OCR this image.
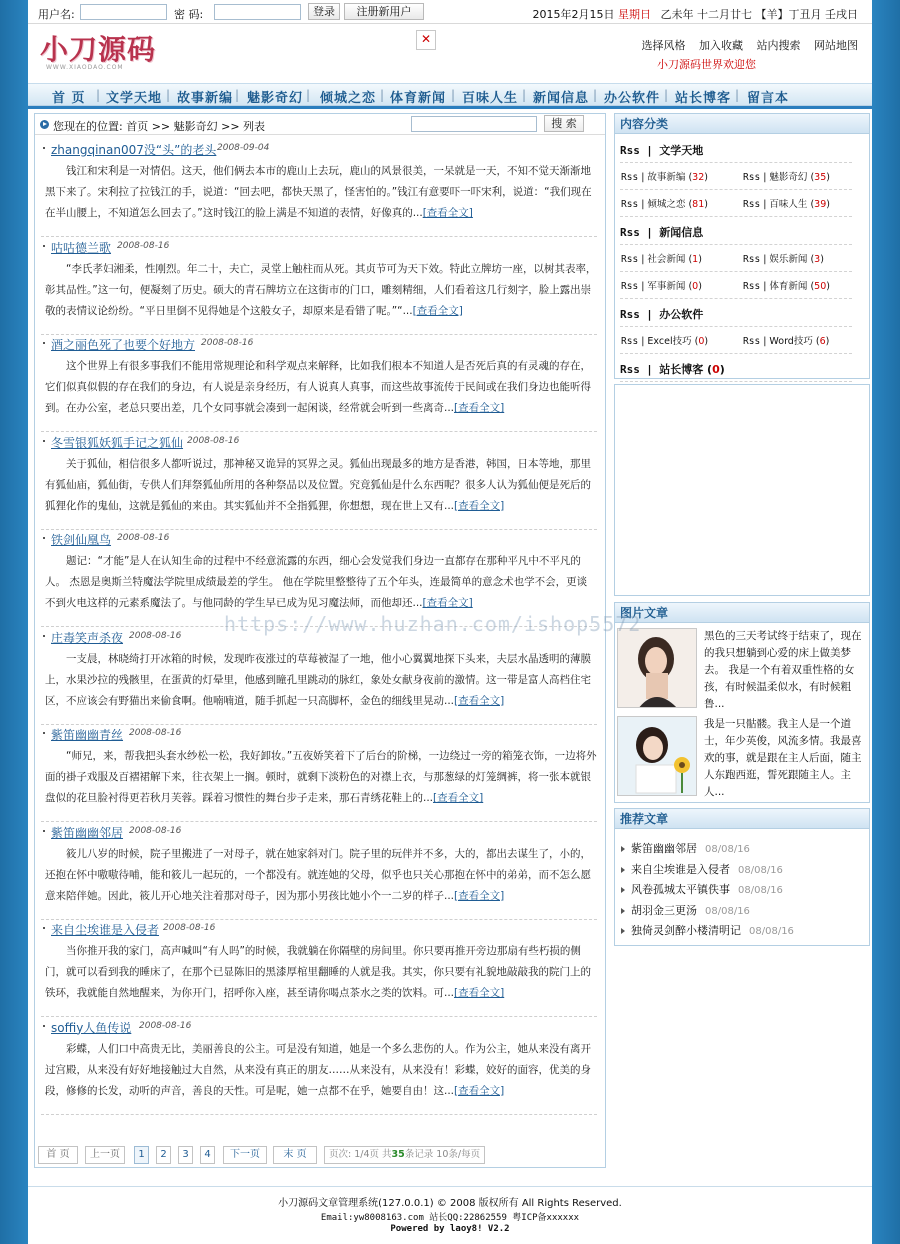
用户名:	密 码:	登录	注册新用户	2015年2月15日 星期日 乙未年 十二月廿七 【羊】丁丑月 壬戌日
小刀源码
WWW.XIAODAO.COM
✕	选择风格 加入收藏 站内搜索 网站地图
小刀源码世界欢迎您
首 页 | 文学天地 | 故事新编 | 魅影奇幻 | 倾城之恋 | 体育新闻 | 百味人生 | 新闻信息 | 办公软件 | 站长博客 | 留言本
您现在的位置: 首页 >> 魅影奇幻 >> 列表	搜 索
zhangqinan007没“头”的老头 2008-09-04
钱江和宋利是一对情侣。这天，他们俩去本市的鹿山上去玩，鹿山的风景很美，一呆就是一天，不知不觉天渐渐地黑下来了。宋利拉了拉钱江的手，说道：“回去吧，都快天黑了，怪害怕的。”钱江有意要吓一吓宋利，说道：“我们现在在半山腰上，不知道怎么回去了。”这时钱江的脸上满是不知道的表情，好像真的...[查看全文]
咕咕德兰歌 2008-08-16
“李氏孝妇湘柔，性刚烈。年二十，夫亡，灵堂上触柱而从死。其贞节可为天下效。特此立牌坊一座，以树其表率，彰其品性。”这一句，便凝刻了历史。硕大的青石牌坊立在这街市的门口，雕刻精细，人们看着这几行刻字，脸上露出崇敬的表情议论纷纷。“平日里倒不见得她是个这般女子，却原来是看错了呢。”“...[查看全文]
酒之丽色死了也要个好地方 2008-08-16
这个世界上有很多事我们不能用常规理论和科学观点来解释，比如我们根本不知道人是否死后真的有灵魂的存在，它们似真似假的存在我们的身边，有人说是亲身经历，有人说真人真事，而这些故事流传于民间或在我们身边也能听得到。在办公室，老总只要出差，几个女同事就会凑到一起闲谈，经常就会听到一些离奇...[查看全文]
冬雪银狐妖狐手记之狐仙 2008-08-16
关于狐仙，相信很多人都听说过，那神秘又诡异的冥界之灵。狐仙出现最多的地方是香港，韩国，日本等地，那里有狐仙庙，狐仙街，专供人们拜祭狐仙所用的各种祭品以及位置。究竟狐仙是什么东西呢？很多人认为狐仙便是死后的狐狸化作的鬼仙，这就是狐仙的来由。其实狐仙并不全指狐狸，你想想，现在世上又有...[查看全文]
铁剑仙凰鸟 2008-08-16
题记：“才能”是人在认知生命的过程中不经意流露的东西，细心会发觉我们身边一直都存在那种平凡中不平凡的人。 杰恩是奥斯兰特魔法学院里成绩最差的学生。 他在学院里整整待了五个年头，连最简单的意念术也学不会，更谈不到火电这样的元素系魔法了。与他同龄的学生早已成为见习魔法师，而他却还...[查看全文]
庄毒笑声杀夜 2008-08-16
一支晨，林晓绮打开冰箱的时候，发现昨夜涨过的草莓被湿了一地，他小心翼翼地探下头来，夫层水晶透明的薄膜上，水果沙拉的残骸里，在蛋黄的灯晕里，他感到瞳孔里跳动的脉红，象处女献身夜前的激情。这一带是富人高档住宅区，不应该会有野猫出来偷食啊。他喃喃道，随手抓起一只高脚杯，金色的细线里晃动...[查看全文]
紫笛幽幽青丝 2008-08-16
“师兄，来，帮我把头套水纱松一松，我好卸妆。”五夜娇笑着下了后台的阶梯，一边绕过一旁的箱笼衣饰，一边将外面的褂子戏服及百褶裙解下来，往衣架上一搁。顿时，就剩下淡粉色的对襟上衣，与那葱绿的灯笼绸裤，将一张本就银盘似的花旦脸衬得更若秋月芙蓉。踩着习惯性的舞台步子走来，那石青绣花鞋上的...[查看全文]
紫笛幽幽邻居 2008-08-16
筱儿八岁的时候，院子里搬进了一对母子，就在她家斜对门。院子里的玩伴并不多，大的，都出去谋生了，小的，还抱在怀中嗷嗷待哺，能和筱儿一起玩的，一个都没有。就连她的父母，似乎也只关心那抱在怀中的弟弟，而不怎么愿意来陪伴她。因此，筱儿开心地关注着那对母子，因为那小男孩比她小个一二岁的样子...[查看全文]
来自尘埃谁是入侵者 2008-08-16
当你推开我的家门，高声喊叫“有人吗”的时候，我就躺在你隔壁的房间里。你只要再推开旁边那扇有些朽损的侧门，就可以看到我的睡床了，在那个已显陈旧的黑漆厚棺里翻睡的人就是我。其实，你只要有礼貌地敲敲我的院门上的铁环，我就能自然地醒来，为你开门，招呼你入座，甚至请你喝点茶水之类的饮料。可...[查看全文]
soffiy人鱼传说 2008-08-16
彩蝶，人们口中高贵无比，美丽善良的公主。可是没有知道，她是一个多么悲伤的人。作为公主，她从来没有离开过宫殿，从来没有好好地接触过大自然，从来没有真正的朋友……从来没有，从来没有！彩蝶，姣好的面容，优美的身段，修修的长发，动听的声音，善良的天性。可是呢，她一点都不在乎，她要自由！这...[查看全文]
首 页	上一页	1	2	3	4	下一页	末 页	页次: 1/4页 共35条记录 10条/每页
内容分类
Rss  |  文学天地
Rss | 故事新编 (32)	Rss | 魅影奇幻 (35)
Rss | 倾城之恋 (81)	Rss | 百味人生 (39)
Rss  |  新闻信息
Rss | 社会新闻 (1)	Rss | 娱乐新闻 (3)
Rss | 军事新闻 (0)	Rss | 体育新闻 (50)
Rss  |  办公软件
Rss | Excel技巧 (0)	Rss | Word技巧 (6)
Rss  |  站长博客 (0)
图片文章
黑色的三天考试终于结束了，现在的我只想躺到心爱的床上做美梦去。 我是一个有着双重性格的女孩，有时候温柔似水，有时候粗鲁...
我是一只骷髅。我主人是一个道士，年少英俊，风流多情。我最喜欢的事，就是跟在主人后面，随主人东跑西逛，誓死跟随主人。主人...
推荐文章
紫笛幽幽邻居 08/08/16
来自尘埃谁是入侵者 08/08/16
风卷孤城太平镇佚事 08/08/16
胡羽金三更汤 08/08/16
独倚灵剑醉小楼清明记 08/08/16
小刀源码文章管理系统(127.0.0.1) © 2008 版权所有 All Rights Reserved.
Email:yw8008163.com 站长QQ:22862559 粤ICP备xxxxxx
Powered by laoy8! V2.2
https://www.huzhan.com/ishop5572
